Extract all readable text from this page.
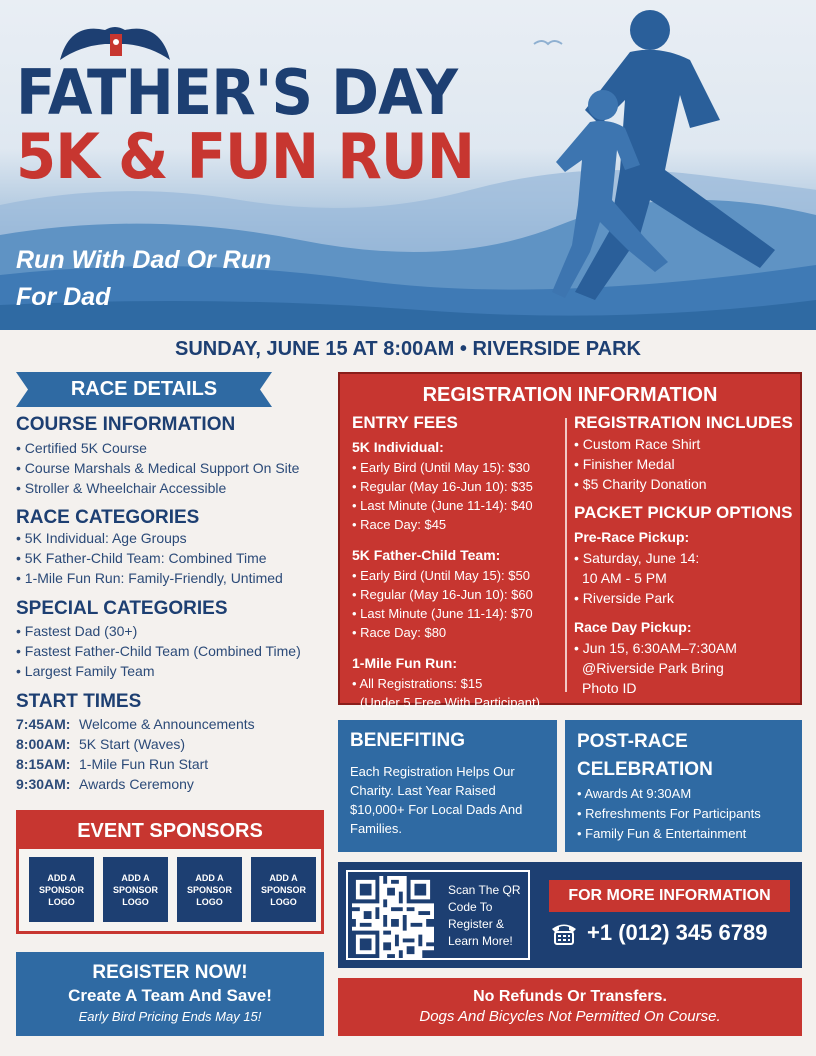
FATHER'S DAY
5K & FUN RUN
Run With Dad Or Run For Dad
SUNDAY, JUNE 15 AT 8:00AM • RIVERSIDE PARK
RACE DETAILS
COURSE INFORMATION
• Certified 5K Course
• Course Marshals & Medical Support On Site
• Stroller & Wheelchair Accessible
RACE CATEGORIES
• 5K Individual: Age Groups
• 5K Father-Child Team: Combined Time
• 1-Mile Fun Run: Family-Friendly, Untimed
SPECIAL CATEGORIES
• Fastest Dad (30+)
• Fastest Father-Child Team (Combined Time)
• Largest Family Team
START TIMES
7:45AM: Welcome & Announcements
8:00AM: 5K Start (Waves)
8:15AM: 1-Mile Fun Run Start
9:30AM: Awards Ceremony
EVENT SPONSORS
ADD A SPONSOR LOGO
ADD A SPONSOR LOGO
ADD A SPONSOR LOGO
ADD A SPONSOR LOGO
REGISTER NOW!
Create A Team And Save!
Early Bird Pricing Ends May 15!
REGISTRATION INFORMATION
ENTRY FEES
5K Individual:
• Early Bird (Until May 15): $30
• Regular (May 16-Jun 10): $35
• Last Minute (June 11-14): $40
• Race Day: $45
5K Father-Child Team:
• Early Bird (Until May 15): $50
• Regular (May 16-Jun 10): $60
• Last Minute (June 11-14): $70
• Race Day: $80
1-Mile Fun Run:
• All Registrations: $15
(Under 5 Free With Participant)
REGISTRATION INCLUDES
• Custom Race Shirt
• Finisher Medal
• $5 Charity Donation
PACKET PICKUP OPTIONS
Pre-Race Pickup:
• Saturday, June 14:
10 AM - 5 PM
• Riverside Park
Race Day Pickup:
• Jun 15, 6:30AM–7:30AM
@Riverside Park Bring
Photo ID
BENEFITING
Each Registration Helps Our Charity. Last Year Raised $10,000+ For Local Dads And Families.
POST-RACE CELEBRATION
• Awards At 9:30AM
• Refreshments For Participants
• Family Fun & Entertainment
Scan The QR Code To Register & Learn More!
FOR MORE INFORMATION
+1 (012) 345 6789
No Refunds Or Transfers.
Dogs And Bicycles Not Permitted On Course.
